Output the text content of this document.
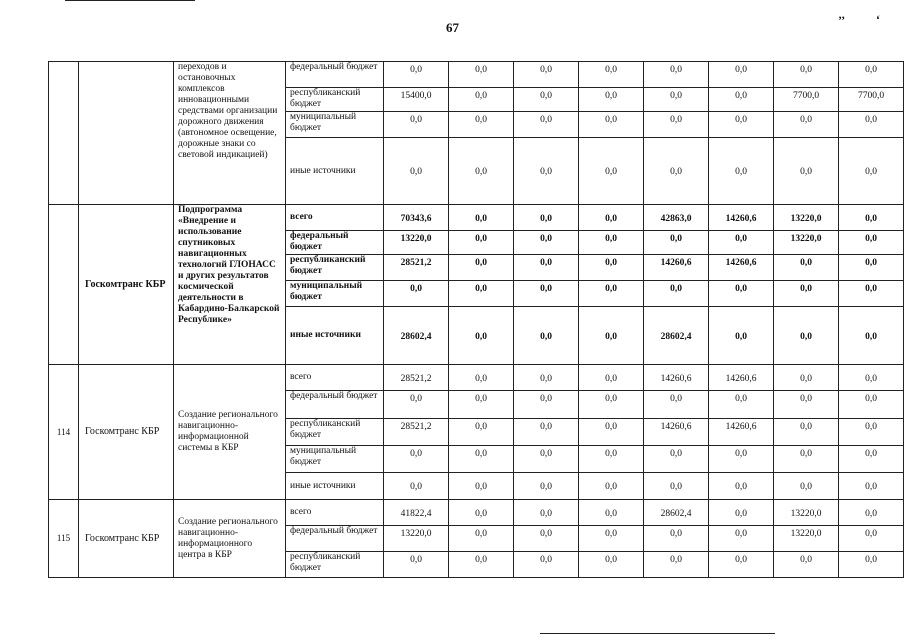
67	’’	‘
		переходов и остановочных комплексов инновационными средствами организации дорожного движения (автономное освещение, дорожные знаки со световой индикацией)	федеральный бюджет	0,0	0,0	0,0	0,0	0,0	0,0	0,0	0,0
			республиканский бюджет	15400,0	0,0	0,0	0,0	0,0	0,0	7700,0	7700,0
			муниципальный бюджет	0,0	0,0	0,0	0,0	0,0	0,0	0,0	0,0
			иные источники	0,0	0,0	0,0	0,0	0,0	0,0	0,0	0,0
	Госкомтранс КБР	Подпрограмма «Внедрение и использование спутниковых навигационных технологий ГЛОНАСС и других результатов космической деятельности в Кабардино-Балкарской Республике»	всего	70343,6	0,0	0,0	0,0	42863,0	14260,6	13220,0	0,0
			федеральный бюджет	13220,0	0,0	0,0	0,0	0,0	0,0	13220,0	0,0
			республиканский бюджет	28521,2	0,0	0,0	0,0	14260,6	14260,6	0,0	0,0
			муниципальный бюджет	0,0	0,0	0,0	0,0	0,0	0,0	0,0	0,0
			иные источники	28602,4	0,0	0,0	0,0	28602,4	0,0	0,0	0,0
114	Госкомтранс КБР	Создание регионального навигационно-информационной системы в КБР	всего	28521,2	0,0	0,0	0,0	14260,6	14260,6	0,0	0,0
			федеральный бюджет	0,0	0,0	0,0	0,0	0,0	0,0	0,0	0,0
			республиканский бюджет	28521,2	0,0	0,0	0,0	14260,6	14260,6	0,0	0,0
			муниципальный бюджет	0,0	0,0	0,0	0,0	0,0	0,0	0,0	0,0
			иные источники	0,0	0,0	0,0	0,0	0,0	0,0	0,0	0,0
115	Госкомтранс КБР	Создание регионального навигационно-информационного центра в КБР	всего	41822,4	0,0	0,0	0,0	28602,4	0,0	13220,0	0,0
			федеральный бюджет	13220,0	0,0	0,0	0,0	0,0	0,0	13220,0	0,0
			республиканский бюджет	0,0	0,0	0,0	0,0	0,0	0,0	0,0	0,0
